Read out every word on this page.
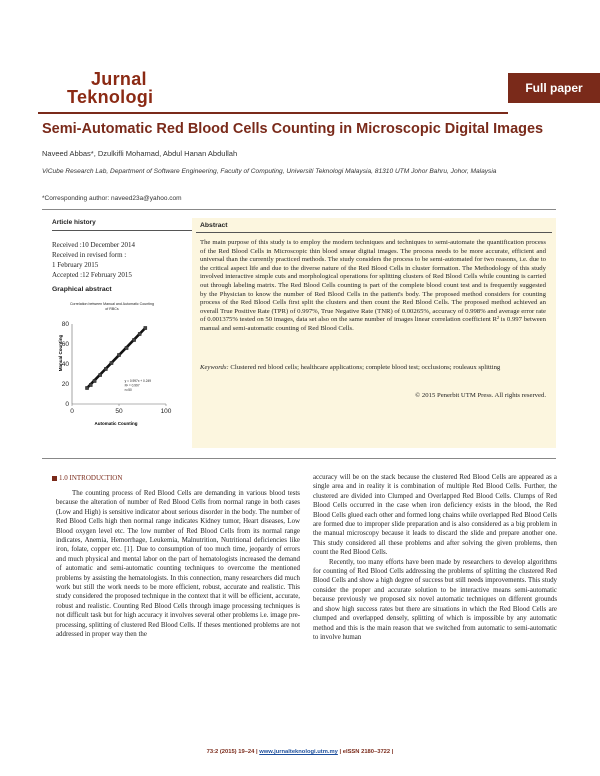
Jurnal
Teknologi	Full paper
Semi-Automatic Red Blood Cells Counting in Microscopic Digital Images
Naveed Abbas*, Dzulkifli Mohamad, Abdul Hanan Abdullah
ViCube Research Lab, Department of Software Engineering, Faculty of Computing, Universiti Teknologi Malaysia, 81310 UTM Johor Bahru, Johor, Malaysia
*Corresponding author: naveed23a@yahoo.com
Article history
Received :10 December 2014
Received in revised form :
1 February 2015
Accepted :12 February 2015
Graphical abstract
Correlation between Manual and Automatic Counting
of RBCs
0
20
40
60
80
0	50	100
y = 0.997x + 0.249
R² = 0.997
n=50
Manual Counting
Automatic Counting
Abstract
The main purpose of this study is to employ the modern techniques and techniques to semi-automate the quantification process of the Red Blood Cells in Microscopic thin blood smear digital images. The process needs to be more accurate, efficient and universal than the currently practiced methods. The study considers the process to be semi-automated for two reasons, i.e. due to the critical aspect life and due to the diverse nature of the Red Blood Cells in cluster formation. The Methodology of this study involved interactive simple cuts and morphological operations for splitting clusters of Red Blood Cells while counting is carried out through labeling matrix. The Red Blood Cells counting is part of the complete blood count test and is frequently suggested by the Physician to know the number of Red Blood Cells in the patient's body. The proposed method considers for counting process of the Red Blood Cells first split the clusters and then count the Red Blood Cells. The proposed method achieved an overall True Positive Rate (TPR) of 0.997%, True Negative Rate (TNR) of 0.00265%, accuracy of 0.998% and average error rate of 0.001375% tested on 50 images, data set also on the same number of images linear correlation coefficient R² is 0.997 between manual and semi-automatic counting of Red Blood Cells.
Keywords: Clustered red blood cells; healthcare applications; complete blood test; occlusions; rouleaux splitting
© 2015 Penerbit UTM Press. All rights reserved.
1.0 INTRODUCTION

The counting process of Red Blood Cells are demanding in various blood tests because the alteration of number of Red Blood Cells from normal range in both cases (Low and High) is sensitive indicator about serious disorder in the body. The number of Red Blood Cells high then normal range indicates Kidney tumor, Heart diseases, Low Blood oxygen level etc. The low number of Red Blood Cells from its normal range indicates, Anemia, Hemorrhage, Leukemia, Malnutrition, Nutritional deficiencies like iron, folate, copper etc. [1]. Due to consumption of too much time, jeopardy of errors and much physical and mental labor on the part of hematologists increased the demand of automatic and semi-automatic counting techniques to overcome the mentioned problems by assisting the hematologists. In this connection, many researchers did much work but still the work needs to be more efficient, robust, accurate and realistic. This study considered the proposed technique in the context that it will be efficient, accurate, robust and realistic. Counting Red Blood Cells through image processing techniques is not difficult task but for high accuracy it involves several other problems i.e. image pre-processing, splitting of clustered Red Blood Cells. If theses mentioned problems are not addressed in proper way then the

accuracy will be on the stack because the clustered Red Blood Cells are appeared as a single area and in reality it is combination of multiple Red Blood Cells. Further, the clustered are divided into Clumped and Overlapped Red Blood Cells. Clumps of Red Blood Cells occurred in the case when iron deficiency exists in the blood, the Red Blood Cells glued each other and formed long chains while overlapped Red Blood Cells are formed due to improper slide preparation and is also considered as a big problem in the manual microscopy because it leads to discard the slide and prepare another one. This study considered all these problems and after solving the given problems, then count the Red Blood Cells.

Recently, too many efforts have been made by researchers to develop algorithms for counting of Red Blood Cells addressing the problems of splitting the clustered Red Blood Cells and show a high degree of success but still needs improvements. This study consider the proper and accurate solution to be interactive means semi-automatic because previously we proposed six novel automatic techniques on different grounds and show high success rates but there are situations in which the Red Blood Cells are clumped and overlapped densely, splitting of which is impossible by any automatic method and this is the main reason that we switched from automatic to semi-automatic to involve human

73:2 (2015) 19–24 | www.jurnalteknologi.utm.my | eISSN 2180–3722 |
